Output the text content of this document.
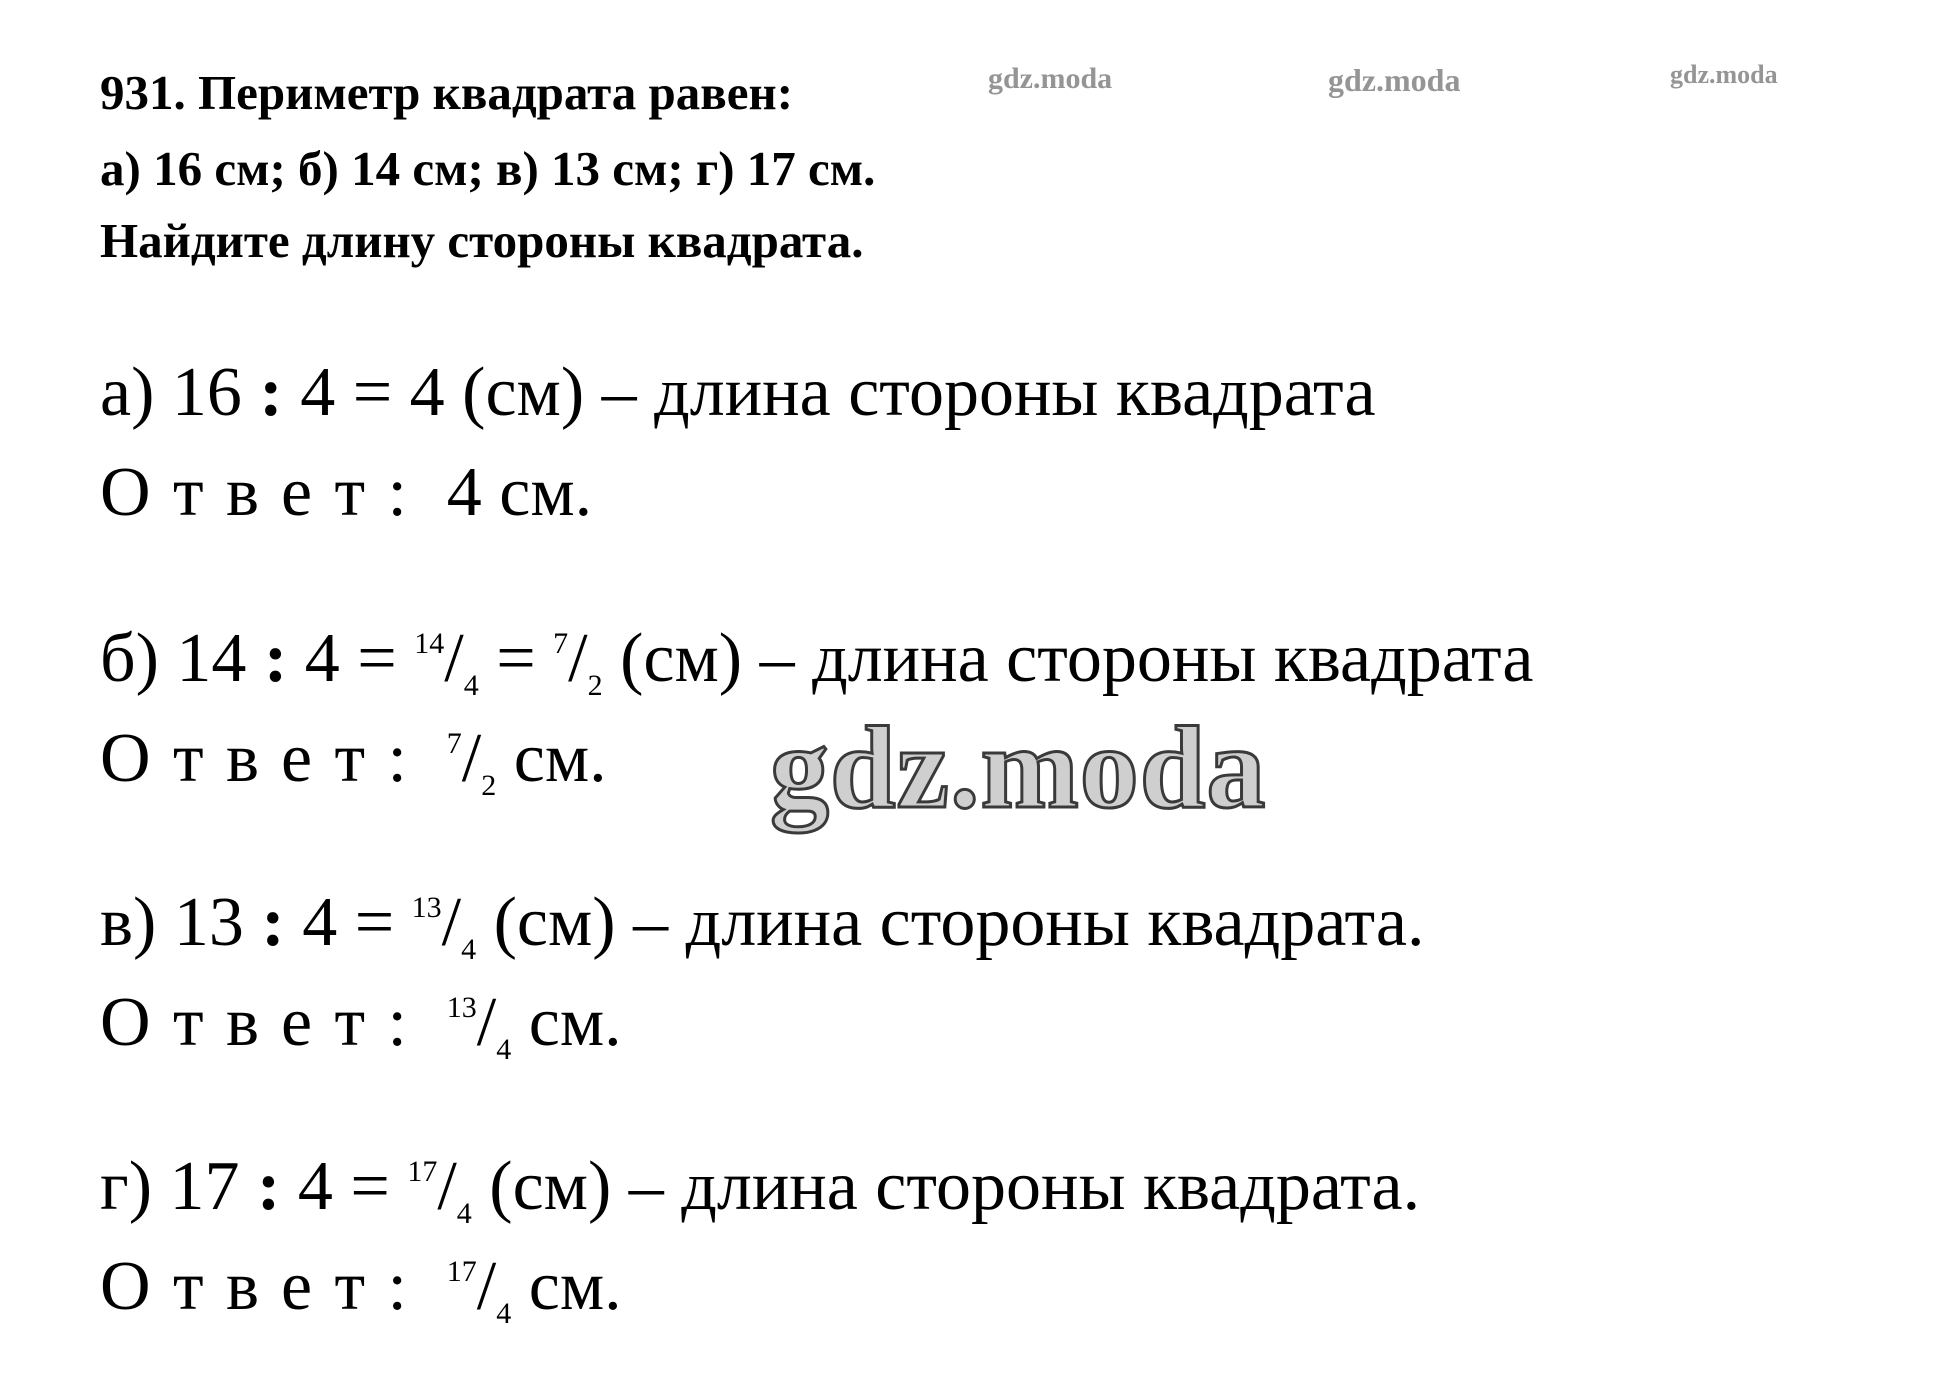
931. Периметр квадрата равен:
а) 16 см; б) 14 см; в) 13 см; г) 17 см.
Найдите длину стороны квадрата.
gdz.moda	gdz.moda	gdz.moda
а) 16 : 4 = 4 (см) – длина стороны квадрата
Ответ: 4 см.
б) 14 : $4 = ^{14}/_4 = ^7/_2$ (см) – длина стороны квадрата
Ответ: $^7/_2$ см. gdz.moda
в) 13 : $4 = ^{13}/_4$ (см) – длина стороны квадрата.
Ответ: $^{13}/_4$ см.
г) 17 : $4 = ^{17}/_4$ (см) – длина стороны квадрата.
Ответ: $^{17}/_4$ см.
